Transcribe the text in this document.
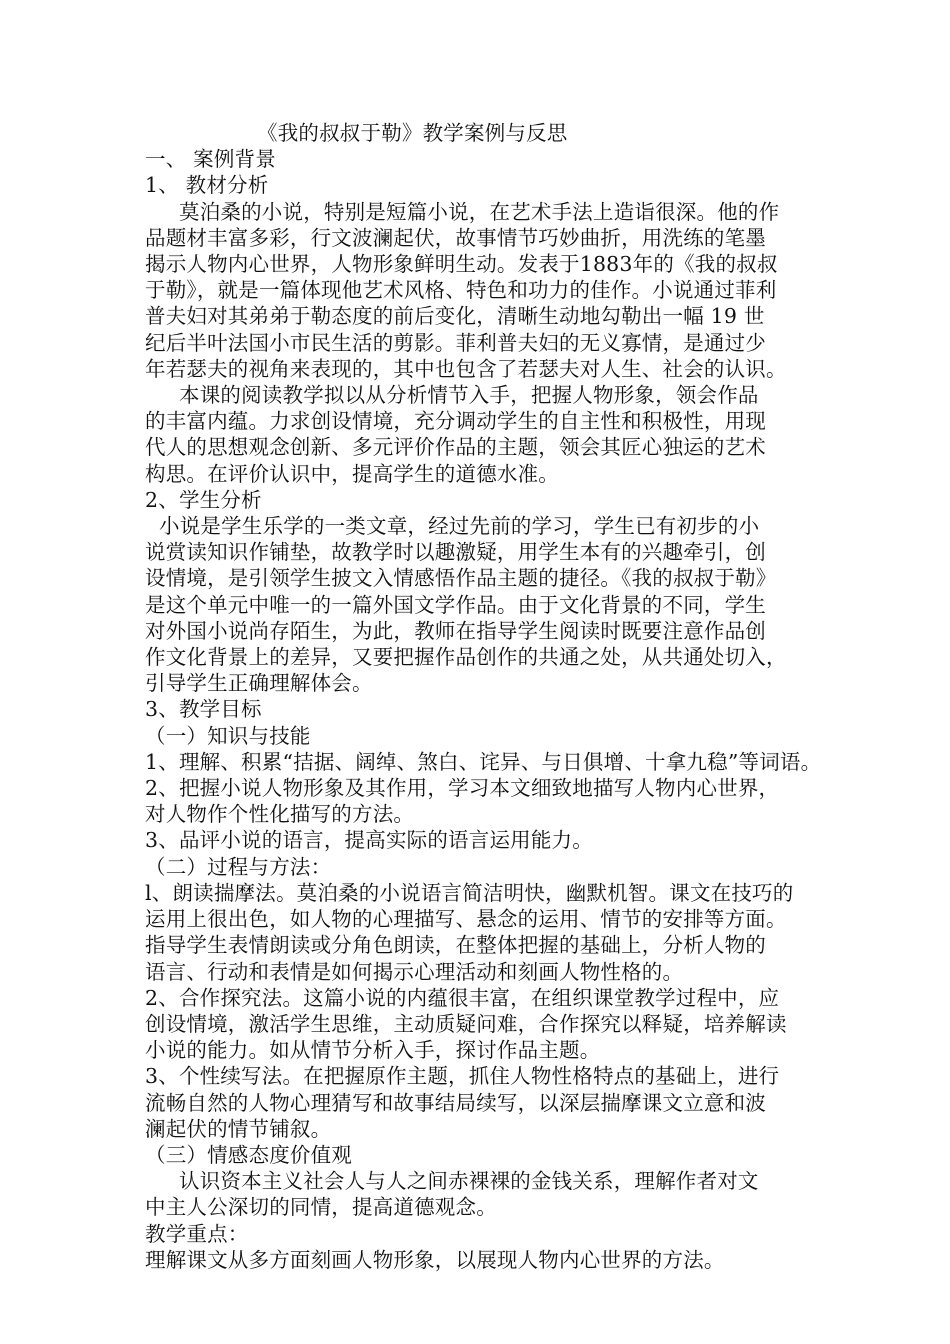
《我的叔叔于勒》教学案例与反思
一、 案例背景
1、 教材分析
莫泊桑的小说，特别是短篇小说，在艺术手法上造诣很深。他的作
品题材丰富多彩，行文波澜起伏，故事情节巧妙曲折，用洗练的笔墨
揭示人物内心世界，人物形象鲜明生动。发表于1883年的《我的叔叔
于勒》，就是一篇体现他艺术风格、特色和功力的佳作。小说通过菲利
普夫妇对其弟弟于勒态度的前后变化，清晰生动地勾勒出一幅 19 世
纪后半叶法国小市民生活的剪影。菲利普夫妇的无义寡情，是通过少
年若瑟夫的视角来表现的，其中也包含了若瑟夫对人生、社会的认识。
本课的阅读教学拟以从分析情节入手，把握人物形象，领会作品
的丰富内蕴。力求创设情境，充分调动学生的自主性和积极性，用现
代人的思想观念创新、多元评价作品的主题，领会其匠心独运的艺术
构思。在评价认识中，提高学生的道德水准。
2、学生分析
小说是学生乐学的一类文章，经过先前的学习，学生已有初步的小
说赏读知识作铺垫，故教学时以趣激疑，用学生本有的兴趣牵引，创
设情境，是引领学生披文入情感悟作品主题的捷径。《我的叔叔于勒》
是这个单元中唯一的一篇外国文学作品。由于文化背景的不同，学生
对外国小说尚存陌生，为此，教师在指导学生阅读时既要注意作品创
作文化背景上的差异，又要把握作品创作的共通之处，从共通处切入，
引导学生正确理解体会。
3、教学目标
（一）知识与技能
1、理解、积累“拮据、阔绰、煞白、诧异、与日俱增、十拿九稳”等词语。
2、把握小说人物形象及其作用，学习本文细致地描写人物内心世界，
对人物作个性化描写的方法。
3、品评小说的语言，提高实际的语言运用能力。
（二）过程与方法：
l、朗读揣摩法。莫泊桑的小说语言简洁明快，幽默机智。课文在技巧的
运用上很出色，如人物的心理描写、悬念的运用、情节的安排等方面。
指导学生表情朗读或分角色朗读，在整体把握的基础上，分析人物的
语言、行动和表情是如何揭示心理活动和刻画人物性格的。
2、合作探究法。这篇小说的内蕴很丰富，在组织课堂教学过程中，应
创设情境，激活学生思维，主动质疑问难，合作探究以释疑，培养解读
小说的能力。如从情节分析入手，探讨作品主题。
3、个性续写法。在把握原作主题，抓住人物性格特点的基础上，进行
流畅自然的人物心理猜写和故事结局续写，以深层揣摩课文立意和波
澜起伏的情节铺叙。
（三）情感态度价值观
认识资本主义社会人与人之间赤裸裸的金钱关系，理解作者对文
中主人公深切的同情，提高道德观念。
教学重点：
理解课文从多方面刻画人物形象，以展现人物内心世界的方法。
